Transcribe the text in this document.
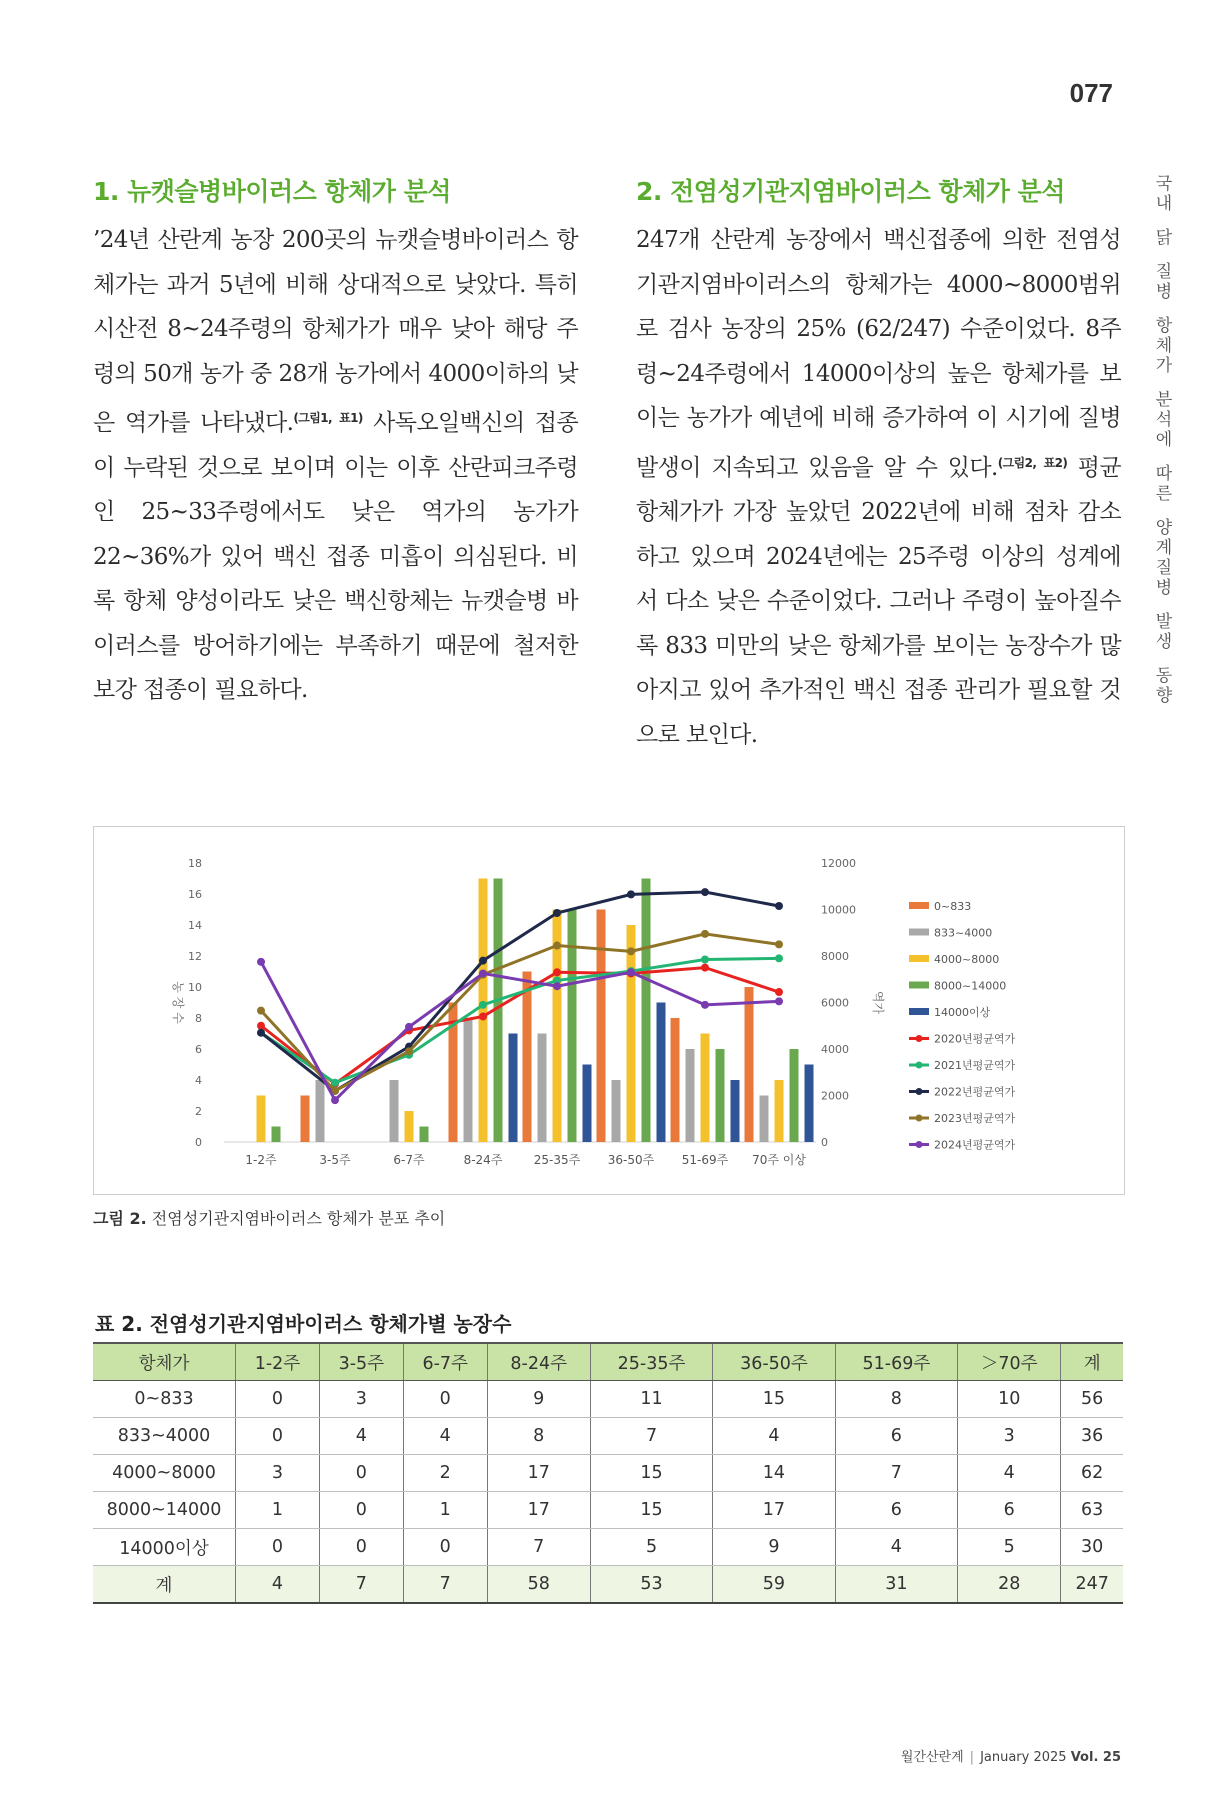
077
국
내
닭
질
병
항
체
가
분
석
에
따
른
양
계
질
병
발
생
동
향
1. 뉴캣슬병바이러스 항체가 분석

’24년 산란계 농장 200곳의 뉴캣슬병바이러스 항체가는 과거 5년에 비해 상대적으로 낮았다. 특히 시산전 8~24주령의 항체가가 매우 낮아 해당 주령의 50개 농가 중 28개 농가에서 4000이하의 낮은 역가를 나타냈다.$^{(그림1, 표1)}$ 사독오일백신의 접종이 누락된 것으로 보이며 이는 이후 산란피크주령인 25~33주령에서도 낮은 역가의 농가가 22~36%가 있어 백신 접종 미흡이 의심된다. 비록 항체 양성이라도 낮은 백신항체는 뉴캣슬병 바이러스를 방어하기에는 부족하기 때문에 철저한 보강 접종이 필요하다.

2. 전염성기관지염바이러스 항체가 분석

247개 산란계 농장에서 백신접종에 의한 전염성기관지염바이러스의 항체가는 4000~8000범위로 검사 농장의 25% (62/247) 수준이었다. 8주령~24주령에서 14000이상의 높은 항체가를 보이는 농가가 예년에 비해 증가하여 이 시기에 질병 발생이 지속되고 있음을 알 수 있다.$^{(그림2, 표2)}$ 평균 항체가가 가장 높았던 2022년에 비해 점차 감소하고 있으며 2024년에는 25주령 이상의 성계에서 다소 낮은 수준이었다. 그러나 주령이 높아질수록 833 미만의 낮은 항체가를 보이는 농장수가 많아지고 있어 추가적인 백신 접종 관리가 필요할 것으로 보인다.

0
2
4
6
8
10
12
14
16
18
0
2000
4000
6000
8000
10000
12000
농 장 수	역가
1-2주	3-5주	6-7주	8-24주	25-35주 36-50주 51-69주 70주 이상
0~833
833~4000
4000~8000
8000~14000
14000이상
2020년평균역가
2021년평균역가
2022년평균역가
2023년평균역가
2024년평균역가
그림 2. 전염성기관지염바이러스 항체가 분포 추이
표 2. 전염성기관지염바이러스 항체가별 농장수
항체가	1-2주	3-5주	6-7주	8-24주	25-35주	36-50주	51-69주	＞70주	계
0~833	0	3	0	9	11	15	8	10	56
833~4000	0	4	4	8	7	4	6	3	36
4000~8000	3	0	2	17	15	14	7	4	62
8000~14000	1	0	1	17	15	17	6	6	63
14000이상	0	0	0	7	5	9	4	5	30
계	4	7	7	58	53	59	31	28	247
월간산란계 | January 2025 Vol. 25
